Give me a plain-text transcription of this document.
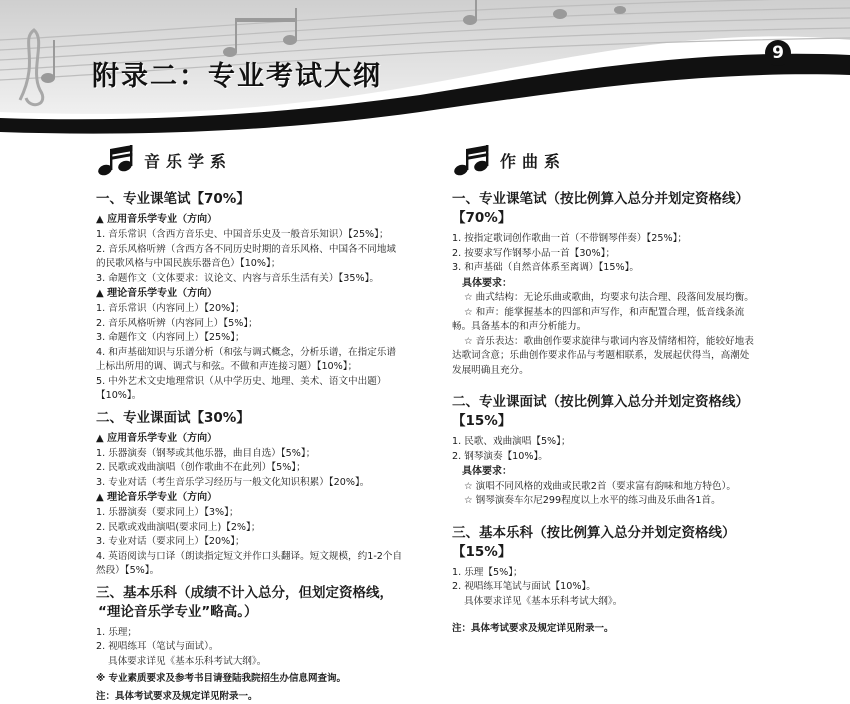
附录二：专业考试大纲
9
音乐学系
一、专业课笔试【70%】
▲ 应用音乐学专业（方向）

1. 音乐常识（含西方音乐史、中国音乐史及一般音乐知识）【25%】；

2. 音乐风格听辨（含西方各不同历史时期的音乐风格、中国各不同地域

的民歌风格与中国民族乐器音色）【10%】；

3. 命题作文（文体要求：议论文、内容与音乐生活有关）【35%】。

▲ 理论音乐学专业（方向）

1. 音乐常识（内容同上）【20%】；

2. 音乐风格听辨（内容同上）【5%】；

3. 命题作文（内容同上）【25%】；

4. 和声基础知识与乐谱分析（和弦与调式概念，分析乐谱，在指定乐谱

上标出所用的调、调式与和弦。不做和声连接习题）【10%】；

5. 中外艺术文史地理常识（从中学历史、地理、美术、语文中出题）

【10%】。

二、专业课面试【30%】
▲ 应用音乐学专业（方向）

1. 乐器演奏（钢琴或其他乐器，曲目自选）【5%】；

2. 民歌或戏曲演唱（创作歌曲不在此列）【5%】；

3. 专业对话（考生音乐学习经历与一般文化知识积累）【20%】。

▲ 理论音乐学专业（方向）

1. 乐器演奏（要求同上）【3%】；

2. 民歌或戏曲演唱(要求同上)【2%】；

3. 专业对话（要求同上）【20%】；

4. 英语阅读与口译（朗读指定短文并作口头翻译。短文规模，约1-2个自

然段）【5%】。

三、基本乐科（成绩不计入总分，但划定资格线，
“理论音乐学专业”略高。）

1. 乐理；

2. 视唱练耳（笔试与面试）。

具体要求详见《基本乐科考试大纲》。

※ 专业素质要求及参考书目请登陆我院招生办信息网查询。

注：具体考试要求及规定详见附录一。

作曲系
一、专业课笔试（按比例算入总分并划定资格线）
【70%】

1. 按指定歌词创作歌曲一首（不带钢琴伴奏）【25%】；

2. 按要求写作钢琴小品一首【30%】；

3. 和声基础（自然音体系至离调）【15%】。

具体要求：

☆ 曲式结构：无论乐曲或歌曲，均要求句法合理、段落间发展均衡。

☆ 和声：能掌握基本的四部和声写作，和声配置合理，低音线条流

畅。具备基本的和声分析能力。

☆ 音乐表达：歌曲创作要求旋律与歌词内容及情绪相符，能较好地表

达歌词含意；乐曲创作要求作品与考题相联系，发展起伏得当，高潮处

发展明确且充分。

二、专业课面试（按比例算入总分并划定资格线）
【15%】

1. 民歌、戏曲演唱【5%】；

2. 钢琴演奏【10%】。

具体要求：

☆ 演唱不同风格的戏曲或民歌2首（要求富有韵味和地方特色）。

☆ 钢琴演奏车尔尼299程度以上水平的练习曲及乐曲各1首。

三、基本乐科（按比例算入总分并划定资格线）
【15%】

1. 乐理【5%】；

2. 视唱练耳笔试与面试【10%】。

具体要求详见《基本乐科考试大纲》。

注：具体考试要求及规定详见附录一。
